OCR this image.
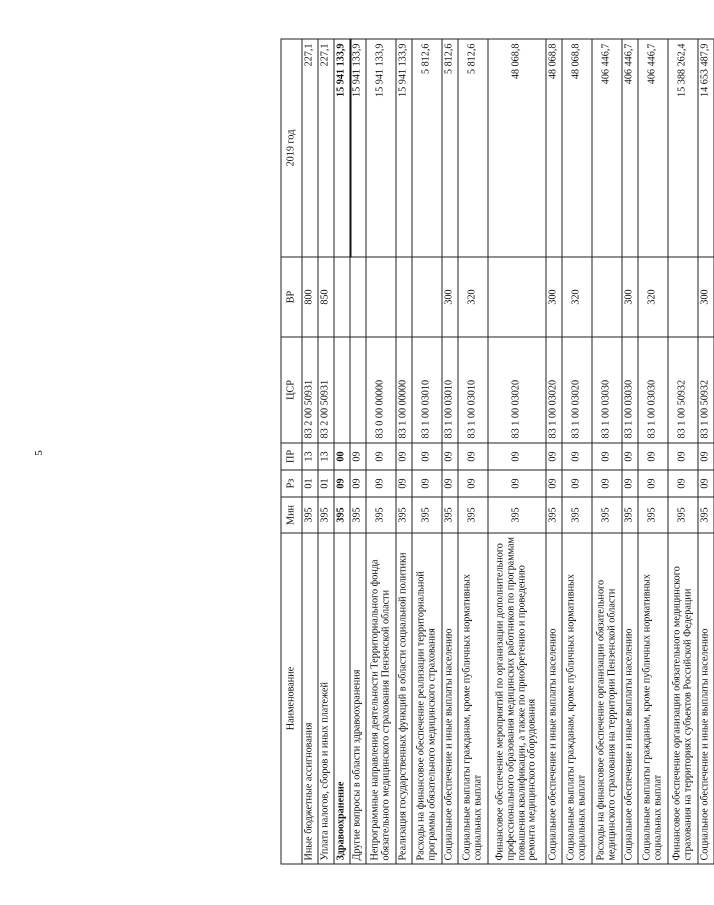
5
Наименование	Мин	Рз	ПР	ЦСР	ВР	2019 год
Иные бюджетные ассигнования	395	01	13	83 2 00 50931	800	227,1
Уплата налогов, сборов и иных платежей	395	01	13	83 2 00 50931	850	227,1
Здравоохранение	395	09	00			15 941 133,9
Другие вопросы в области здравоохранения	395	09	09			15 941 133,9
Непрограммные направления деятельности Территориального фонда обязательного медицинского страхования Пензенской области	395	09	09	83 0 00 00000		15 941 133,9
Реализация государственных функций в области социальной политики	395	09	09	83 1 00 00000		15 941 133,9
Расходы на финансовое обеспечение реализации территориальной программы обязательного медицинского страхования	395	09	09	83 1 00 03010		5 812,6
Социальное обеспечение и иные выплаты населению	395	09	09	83 1 00 03010	300	5 812,6
Социальные выплаты гражданам, кроме публичных нормативных социальных выплат	395	09	09	83 1 00 03010	320	5 812,6
Финансовое обеспечение мероприятий по организации дополнительного профессионального образования медицинских работников по программам повышения квалификации, а также по приобретению и проведению ремонта медицинского оборудования	395	09	09	83 1 00 03020		48 068,8
Социальное обеспечение и иные выплаты населению	395	09	09	83 1 00 03020	300	48 068,8
Социальные выплаты гражданам, кроме публичных нормативных социальных выплат	395	09	09	83 1 00 03020	320	48 068,8
Расходы на финансовое обеспечение организации обязательного медицинского страхования на территории Пензенской области	395	09	09	83 1 00 03030		406 446,7
Социальное обеспечение и иные выплаты населению	395	09	09	83 1 00 03030	300	406 446,7
Социальные выплаты гражданам, кроме публичных нормативных социальных выплат	395	09	09	83 1 00 03030	320	406 446,7
Финансовое обеспечение организации обязательного медицинского страхования на территориях субъектов Российской Федерации	395	09	09	83 1 00 50932		15 388 262,4
Социальное обеспечение и иные выплаты населению	395	09	09	83 1 00 50932	300	14 653 487,9
